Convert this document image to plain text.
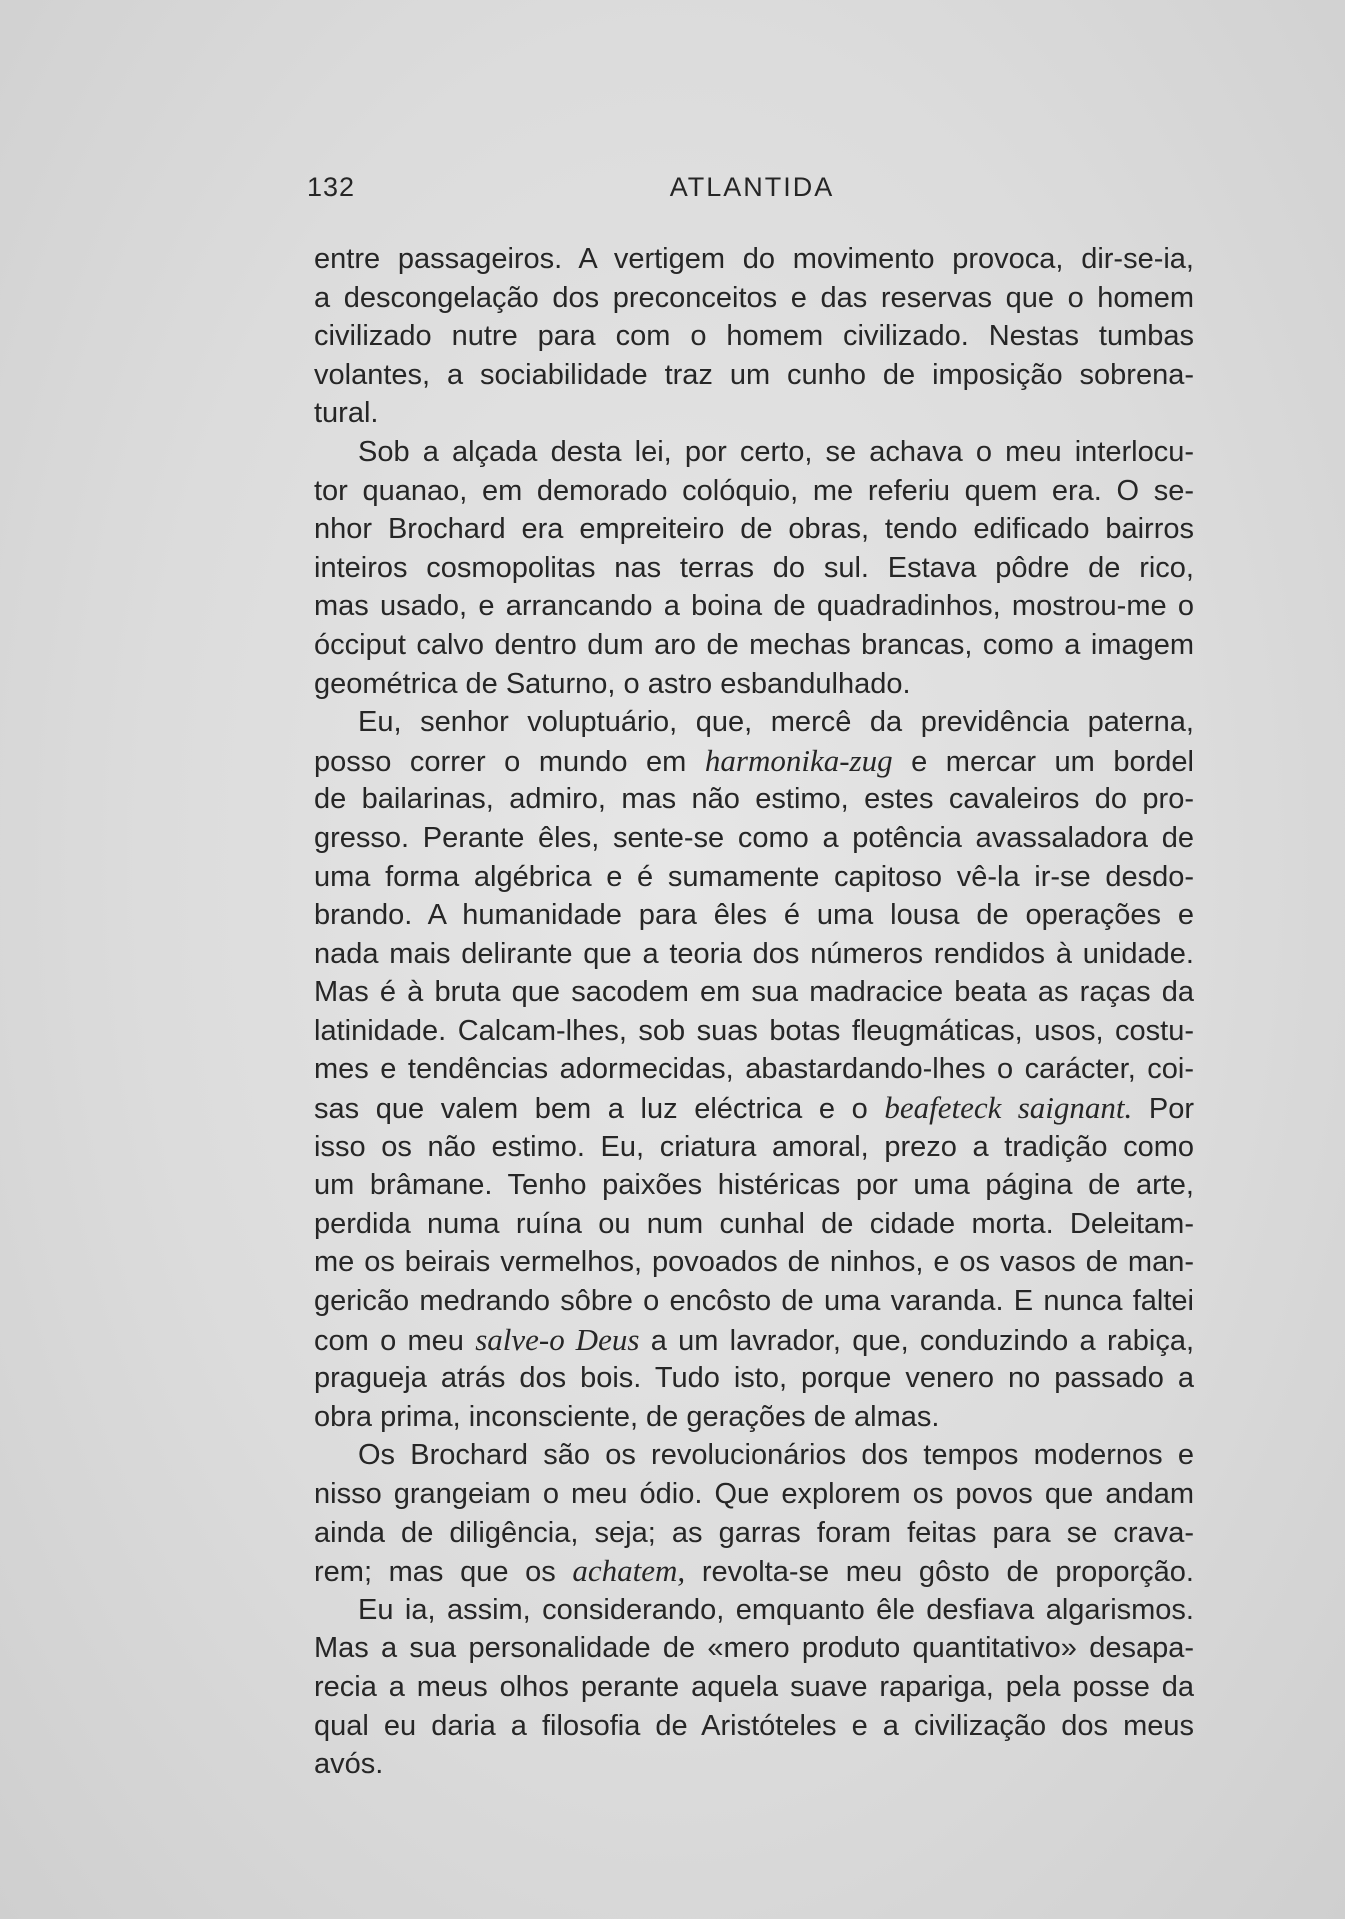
132	ATLANTIDA
entre passageiros. A vertigem do movimento provoca, dir-se-ia,
a descongelação dos preconceitos e das reservas que o homem
civilizado nutre para com o homem civilizado. Nestas tumbas
volantes, a sociabilidade traz um cunho de imposição sobrena-
tural.
Sob a alçada desta lei, por certo, se achava o meu interlocu-
tor quanao, em demorado colóquio, me referiu quem era. O se-
nhor Brochard era empreiteiro de obras, tendo edificado bairros
inteiros cosmopolitas nas terras do sul. Estava pôdre de rico,
mas usado, e arrancando a boina de quadradinhos, mostrou-me o
ócciput calvo dentro dum aro de mechas brancas, como a imagem
geométrica de Saturno, o astro esbandulhado.
Eu, senhor voluptuário, que, mercê da previdência paterna,
posso correr o mundo em harmonika-zug e mercar um bordel
de bailarinas, admiro, mas não estimo, estes cavaleiros do pro-
gresso. Perante êles, sente-se como a potência avassaladora de
uma forma algébrica e é sumamente capitoso vê-la ir-se desdo-
brando. A humanidade para êles é uma lousa de operações e
nada mais delirante que a teoria dos números rendidos à unidade.
Mas é à bruta que sacodem em sua madracice beata as raças da
latinidade. Calcam-lhes, sob suas botas fleugmáticas, usos, costu-
mes e tendências adormecidas, abastardando-lhes o carácter, coi-
sas que valem bem a luz eléctrica e o beafeteck saignant. Por
isso os não estimo. Eu, criatura amoral, prezo a tradição como
um brâmane. Tenho paixões histéricas por uma página de arte,
perdida numa ruína ou num cunhal de cidade morta. Deleitam-
me os beirais vermelhos, povoados de ninhos, e os vasos de man-
gericão medrando sôbre o encôsto de uma varanda. E nunca faltei
com o meu salve-o Deus a um lavrador, que, conduzindo a rabiça,
pragueja atrás dos bois. Tudo isto, porque venero no passado a
obra prima, inconsciente, de gerações de almas.
Os Brochard são os revolucionários dos tempos modernos e
nisso grangeiam o meu ódio. Que explorem os povos que andam
ainda de diligência, seja; as garras foram feitas para se crava-
rem; mas que os achatem, revolta-se meu gôsto de proporção.
Eu ia, assim, considerando, emquanto êle desfiava algarismos.
Mas a sua personalidade de «mero produto quantitativo» desapa-
recia a meus olhos perante aquela suave rapariga, pela posse da
qual eu daria a filosofia de Aristóteles e a civilização dos meus
avós.
